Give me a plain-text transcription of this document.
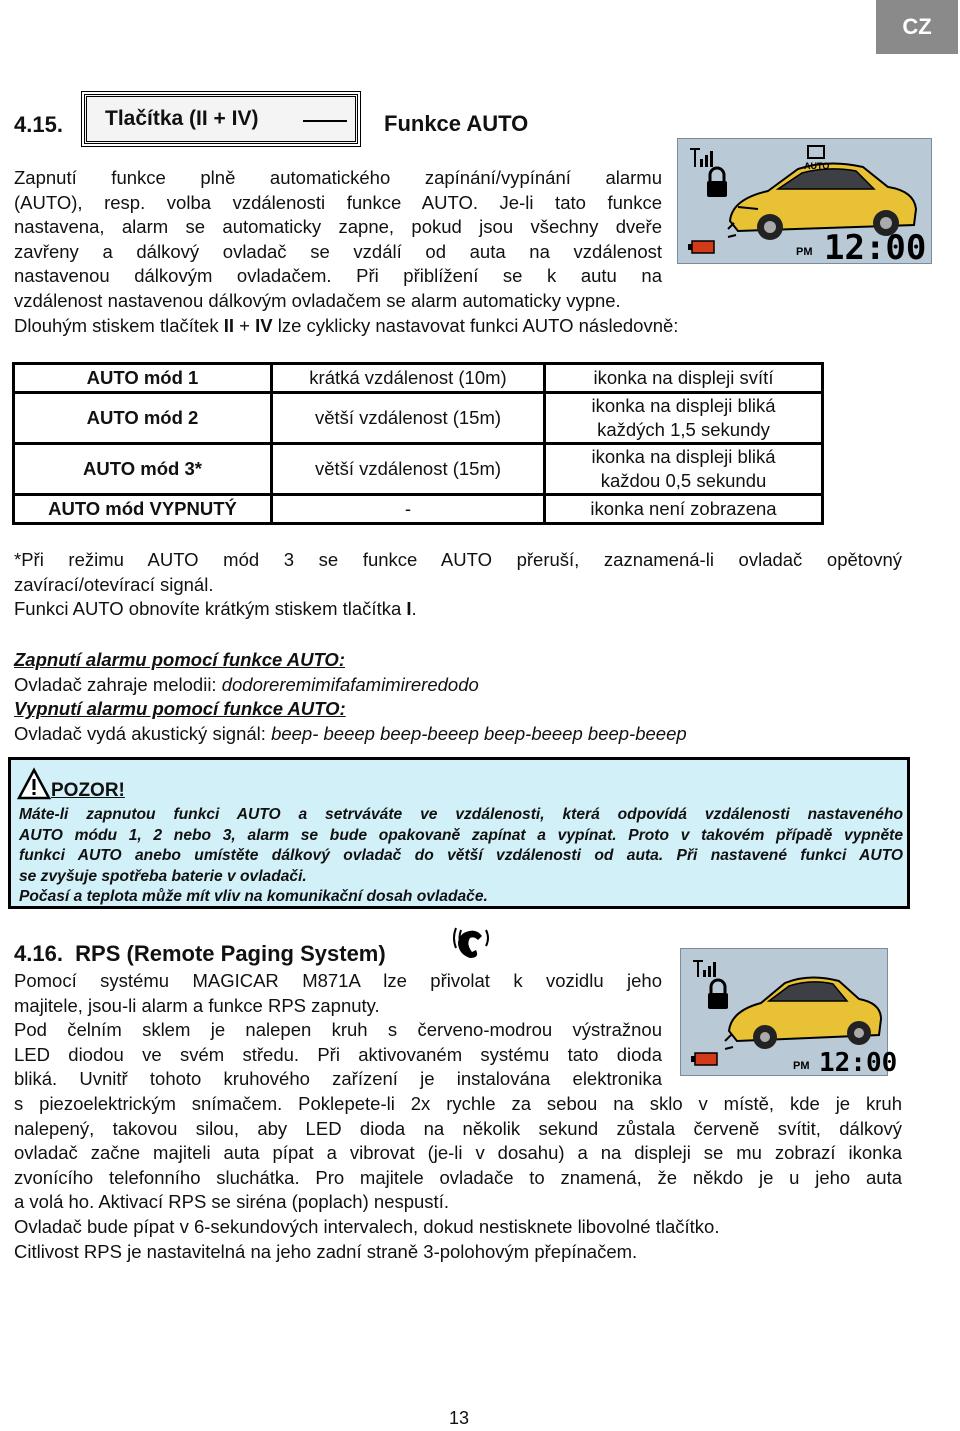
CZ
4.15. Tlačítka (II + IV)	Funkce AUTO
AUTO
PM 12:00
Zapnutí funkce plně automatického zapínání/vypínání alarmu
(AUTO), resp. volba vzdálenosti funkce AUTO. Je-li tato funkce
nastavena, alarm se automaticky zapne, pokud jsou všechny dveře
zavřeny a dálkový ovladač se vzdálí od auta na vzdálenost
nastavenou dálkovým ovladačem. Při přiblížení se k autu na
vzdálenost nastavenou dálkovým ovladačem se alarm automaticky vypne.
Dlouhým stiskem tlačítek II + IV lze cyklicky nastavovat funkci AUTO následovně:
AUTO mód 1	krátká vzdálenost (10m)	ikonka na displeji svítí
AUTO mód 2	větší vzdálenost (15m)	ikonka na displeji bliká
každých 1,5 sekundy

AUTO mód 3*	větší vzdálenost (15m)	ikonka na displeji bliká
každou 0,5 sekundu

AUTO mód VYPNUTÝ	-	ikonka není zobrazena
*Při režimu AUTO mód 3 se funkce AUTO přeruší, zaznamená-li ovladač opětovný
zavírací/otevírací signál.
Funkci AUTO obnovíte krátkým stiskem tlačítka I.
Zapnutí alarmu pomocí funkce AUTO:
Ovladač zahraje melodii: dodoreremimifafamimireredodo
Vypnutí alarmu pomocí funkce AUTO:
Ovladač vydá akustický signál: beep- beeep beep-beeep beep-beeep beep-beeep
POZOR!
Máte-li zapnutou funkci AUTO a setrváváte ve vzdálenosti, která odpovídá vzdálenosti nastaveného
AUTO módu 1, 2 nebo 3, alarm se bude opakovaně zapínat a vypínat. Proto v takovém případě vypněte
funkci AUTO anebo umístěte dálkový ovladač do větší vzdálenosti od auta. Při nastavené funkci AUTO
se zvyšuje spotřeba baterie v ovladači.
Počasí a teplota může mít vliv na komunikační dosah ovladače.
4.16. RPS (Remote Paging System)
PM 12:00
Pomocí systému MAGICAR M871A lze přivolat k vozidlu jeho
majitele, jsou-li alarm a funkce RPS zapnuty.
Pod čelním sklem je nalepen kruh s červeno-modrou výstražnou
LED diodou ve svém středu. Při aktivovaném systému tato dioda
bliká. Uvnitř tohoto kruhového zařízení je instalována elektronika
s piezoelektrickým snímačem. Poklepete-li 2x rychle za sebou na sklo v místě, kde je kruh
nalepený, takovou silou, aby LED dioda na několik sekund zůstala červeně svítit, dálkový
ovladač začne majiteli auta pípat a vibrovat (je-li v dosahu) a na displeji se mu zobrazí ikonka
zvonícího telefonního sluchátka. Pro majitele ovladače to znamená, že někdo je u jeho auta
a volá ho. Aktivací RPS se siréna (poplach) nespustí.
Ovladač bude pípat v 6-sekundových intervalech, dokud nestisknete libovolné tlačítko.
Citlivost RPS je nastavitelná na jeho zadní straně 3-polohovým přepínačem.
13
